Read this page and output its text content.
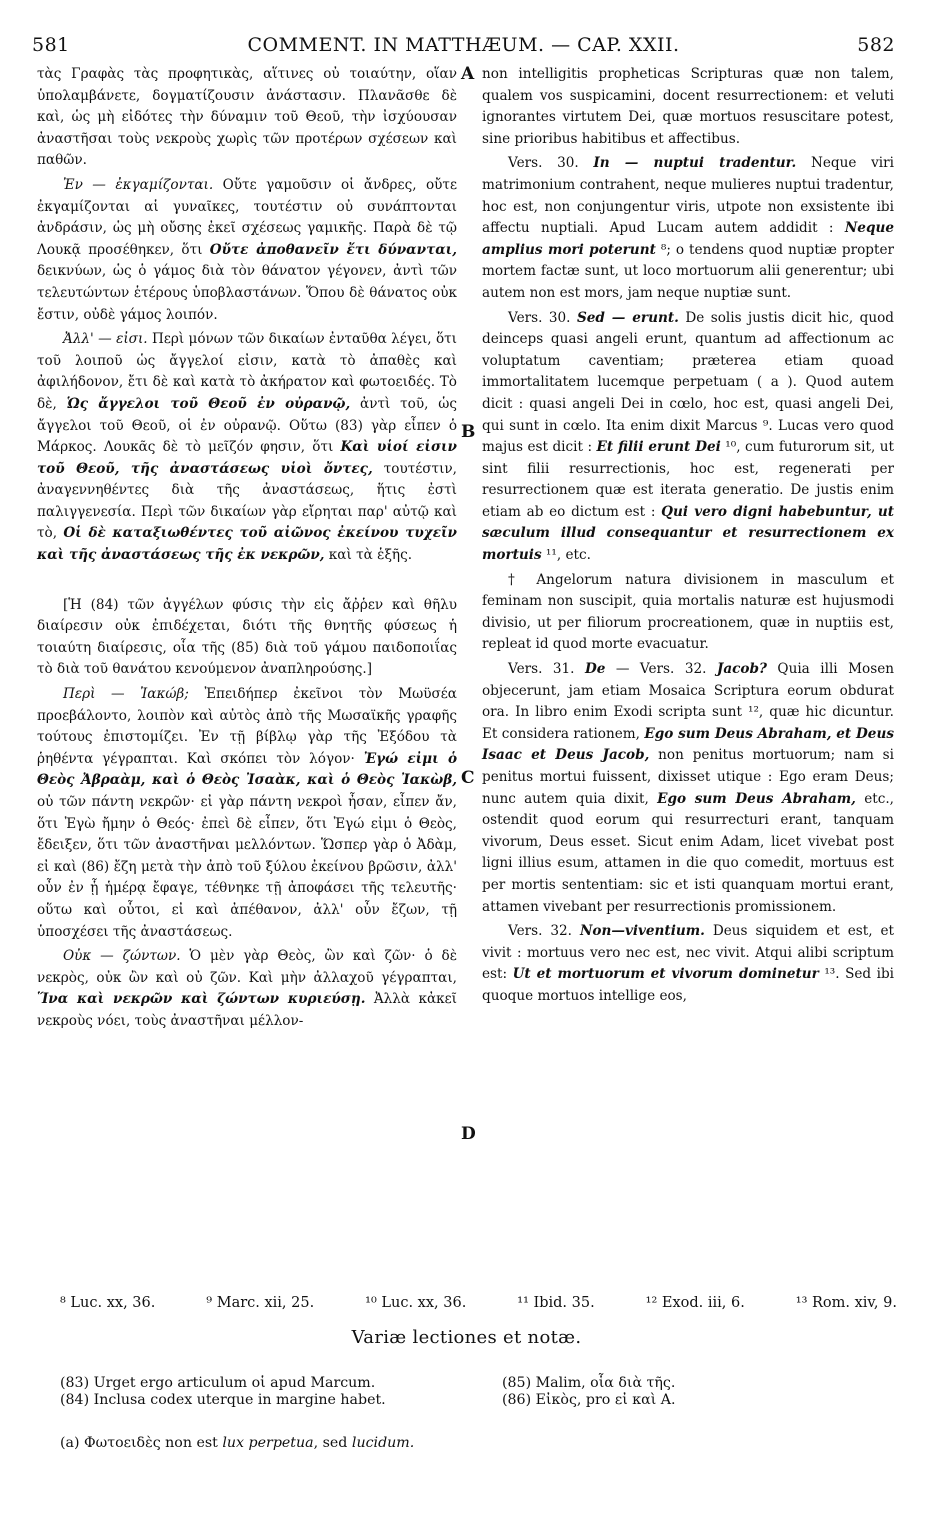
581	COMMENT. IN MATTHÆUM. — CAP. XXII.	582

τὰς Γραφὰς τὰς προφητικὰς, αἵτινες οὐ τοιαύτην, οἵαν ὑπολαμβάνετε, δογματίζουσιν ἀνάστασιν. Πλανᾶσθε δὲ καὶ, ὡς μὴ εἰδότες τὴν δύναμιν τοῦ Θεοῦ, τὴν ἰσχύουσαν ἀναστῆσαι τοὺς νεκροὺς χωρὶς τῶν προτέρων σχέσεων καὶ παθῶν.

Ἐν — ἐκγαμίζονται. Οὔτε γαμοῦσιν οἱ ἄνδρες, οὔτε ἐκγαμίζονται αἱ γυναῖκες, τουτέστιν οὐ συνάπτονται ἀνδράσιν, ὡς μὴ οὔσης ἐκεῖ σχέσεως γαμικῆς. Παρὰ δὲ τῷ Λουκᾷ προσέθηκεν, ὅτι Οὔτε ἀποθανεῖν ἔτι δύνανται, δεικνύων, ὡς ὁ γάμος διὰ τὸν θάνατον γέγονεν, ἀντὶ τῶν τελευτώντων ἑτέρους ὑποβλαστάνων. Ὅπου δὲ θάνατος οὐκ ἔστιν, οὐδὲ γάμος λοιπόν.

Ἀλλ' — εἰσι. Περὶ μόνων τῶν δικαίων ἐνταῦθα λέγει, ὅτι τοῦ λοιποῦ ὡς ἄγγελοί εἰσιν, κατὰ τὸ ἀπαθὲς καὶ ἀφιλήδονον, ἔτι δὲ καὶ κατὰ τὸ ἀκήρατον καὶ φωτοειδές. Τὸ δὲ, Ὡς ἄγγελοι τοῦ Θεοῦ ἐν οὐρανῷ, ἀντὶ τοῦ, ὡς ἄγγελοι τοῦ Θεοῦ, οἱ ἐν οὐρανῷ. Οὕτω (83) γὰρ εἶπεν ὁ Μάρκος. Λουκᾶς δὲ τὸ μεῖζόν φησιν, ὅτι Καὶ υἱοί εἰσιν τοῦ Θεοῦ, τῆς ἀναστάσεως υἱοὶ ὄντες, τουτέστιν, ἀναγεννηθέντες διὰ τῆς ἀναστάσεως, ἥτις ἐστὶ παλιγγενεσία. Περὶ τῶν δικαίων γὰρ εἴρηται παρ' αὐτῷ καὶ τὸ, Οἱ δὲ καταξιωθέντες τοῦ αἰῶνος ἐκείνου τυχεῖν καὶ τῆς ἀναστάσεως τῆς ἐκ νεκρῶν, καὶ τὰ ἑξῆς.

[Ἡ (84) τῶν ἀγγέλων φύσις τὴν εἰς ἄῤῥεν καὶ θῆλυ διαίρεσιν οὐκ ἐπιδέχεται, διότι τῆς θνητῆς φύσεως ἡ τοιαύτη διαίρεσις, οἷα τῆς (85) διὰ τοῦ γάμου παιδοποιΐας τὸ διὰ τοῦ θανάτου κενούμενον ἀναπληρούσης.]

Περὶ — Ἰακώβ; Ἐπειδήπερ ἐκεῖνοι τὸν Μωϋσέα προεβάλοντο, λοιπὸν καὶ αὐτὸς ἀπὸ τῆς Μωσαϊκῆς γραφῆς τούτους ἐπιστομίζει. Ἐν τῇ βίβλῳ γὰρ τῆς Ἐξόδου τὰ ῥηθέντα γέγραπται. Καὶ σκόπει τὸν λόγον· Ἐγώ εἰμι ὁ Θεὸς Ἀβραὰμ, καὶ ὁ Θεὸς Ἰσαὰκ, καὶ ὁ Θεὸς Ἰακὼβ, οὐ τῶν πάντη νεκρῶν· εἰ γὰρ πάντη νεκροὶ ἦσαν, εἶπεν ἄν, ὅτι Ἐγὼ ἤμην ὁ Θεός· ἐπεὶ δὲ εἶπεν, ὅτι Ἐγώ εἰμι ὁ Θεὸς, ἔδειξεν, ὅτι τῶν ἀναστῆναι μελλόντων. Ὥσπερ γὰρ ὁ Ἀδὰμ, εἰ καὶ (86) ἔζη μετὰ τὴν ἀπὸ τοῦ ξύλου ἐκείνου βρῶσιν, ἀλλ' οὖν ἐν ᾗ ἡμέρᾳ ἔφαγε, τέθνηκε τῇ ἀποφάσει τῆς τελευτῆς· οὕτω καὶ οὗτοι, εἰ καὶ ἀπέθανον, ἀλλ' οὖν ἔζων, τῇ ὑποσχέσει τῆς ἀναστάσεως.

Οὐκ — ζώντων. Ὁ μὲν γὰρ Θεὸς, ὢν καὶ ζῶν· ὁ δὲ νεκρὸς, οὐκ ὢν καὶ οὐ ζῶν. Καὶ μὴν ἀλλαχοῦ γέγραπται, Ἵνα καὶ νεκρῶν καὶ ζώντων κυριεύσῃ. Ἀλλὰ κἀκεῖ νεκροὺς νόει, τοὺς ἀναστῆναι μέλλον-

A
B
C
D

non intelligitis propheticas Scripturas quæ non talem, qualem vos suspicamini, docent resurrectionem: et veluti ignorantes virtutem Dei, quæ mortuos resuscitare potest, sine prioribus habitibus et affectibus.

Vers. 30. In — nuptui tradentur. Neque viri matrimonium contrahent, neque mulieres nuptui tradentur, hoc est, non conjungentur viris, utpote non exsistente ibi affectu nuptiali. Apud Lucam autem addidit : Neque amplius mori poterunt ⁸; o tendens quod nuptiæ propter mortem factæ sunt, ut loco mortuorum alii generentur; ubi autem non est mors, jam neque nuptiæ sunt.

Vers. 30. Sed — erunt. De solis justis dicit hic, quod deinceps quasi angeli erunt, quantum ad affectionum ac voluptatum caventiam; præterea etiam quoad immortalitatem lucemque perpetuam ( a ). Quod autem dicit : quasi angeli Dei in cœlo, hoc est, quasi angeli Dei, qui sunt in cœlo. Ita enim dixit Marcus ⁹. Lucas vero quod majus est dicit : Et filii erunt Dei ¹⁰, cum futurorum sit, ut sint filii resurrectionis, hoc est, regenerati per resurrectionem quæ est iterata generatio. De justis enim etiam ab eo dictum est : Qui vero digni habebuntur, ut sæculum illud consequantur et resurrectionem ex mortuis ¹¹, etc.

† Angelorum natura divisionem in masculum et feminam non suscipit, quia mortalis naturæ est hujusmodi divisio, ut per filiorum procreationem, quæ in nuptiis est, repleat id quod morte evacuatur.

Vers. 31. De — Vers. 32. Jacob? Quia illi Mosen objecerunt, jam etiam Mosaica Scriptura eorum obdurat ora. In libro enim Exodi scripta sunt ¹², quæ hic dicuntur. Et considera rationem, Ego sum Deus Abraham, et Deus Isaac et Deus Jacob, non penitus mortuorum; nam si penitus mortui fuissent, dixisset utique : Ego eram Deus; nunc autem quia dixit, Ego sum Deus Abraham, etc., ostendit quod eorum qui resurrecturi erant, tanquam vivorum, Deus esset. Sicut enim Adam, licet vivebat post ligni illius esum, attamen in die quo comedit, mortuus est per mortis sententiam: sic et isti quanquam mortui erant, attamen vivebant per resurrectionis promissionem.

Vers. 32. Non—viventium. Deus siquidem et est, et vivit : mortuus vero nec est, nec vivit. Atqui alibi scriptum est: Ut et mortuorum et vivorum dominetur ¹³. Sed ibi quoque mortuos intellige eos,

⁸ Luc. xx, 36.	⁹ Marc. xii, 25.	¹⁰ Luc. xx, 36.	¹¹ Ibid. 35.	¹² Exod. iii, 6.	¹³ Rom. xiv, 9.
Variæ lectiones et notæ.
(83) Urget ergo articulum οἱ apud Marcum.
(84) Inclusa codex uterque in margine habet.
(85) Malim, οἷα διὰ τῆς.
(86) Εἰκὸς, pro εἰ καὶ A.
(a) Φωτοειδὲς non est lux perpetua, sed lucidum.
